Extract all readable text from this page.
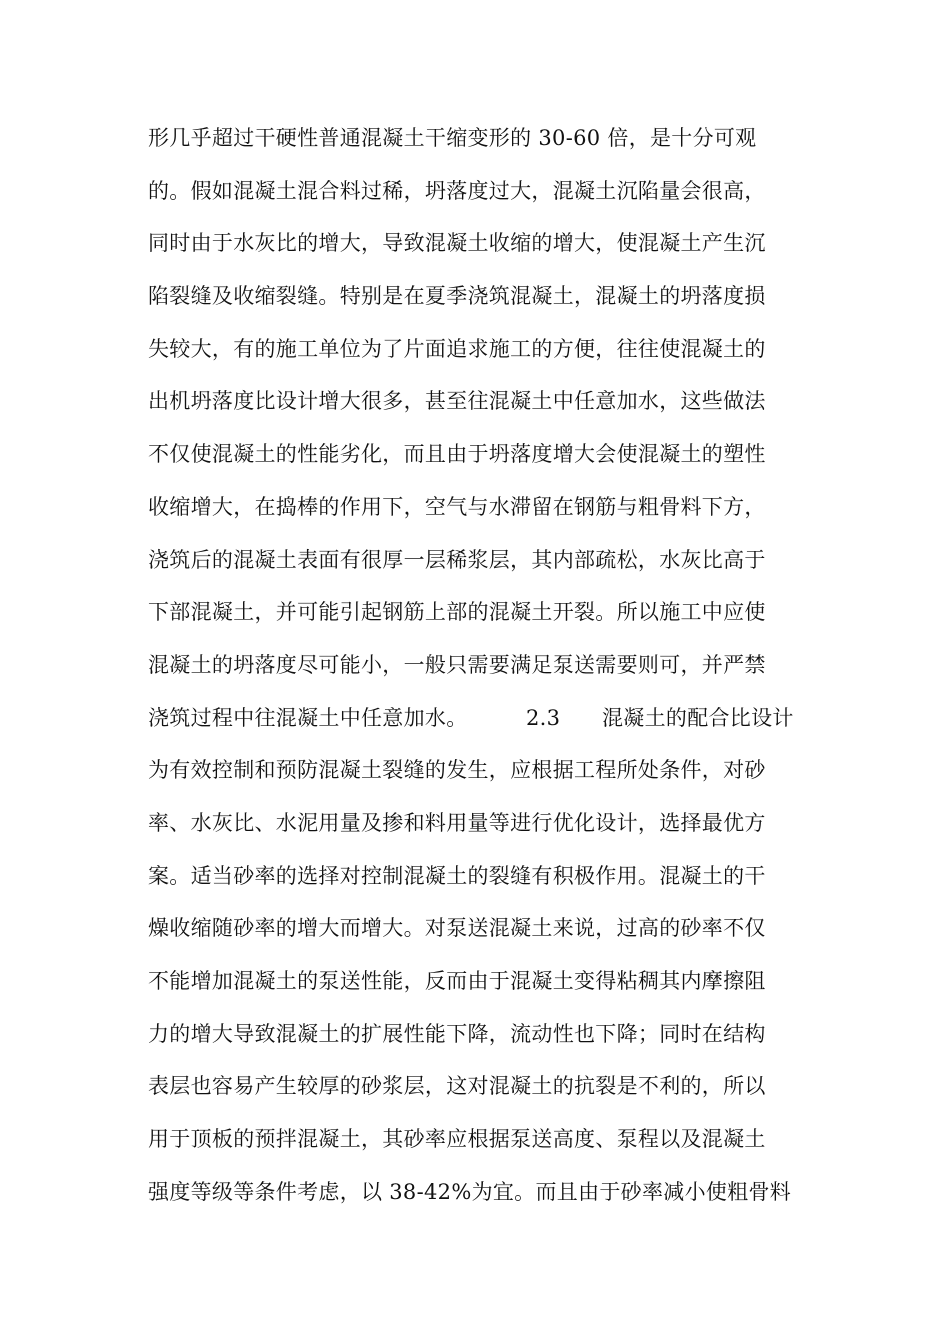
形几乎超过干硬性普通混凝土干缩变形的 30-60 倍，是十分可观
的。假如混凝土混合料过稀，坍落度过大，混凝土沉陷量会很高，
同时由于水灰比的增大，导致混凝土收缩的增大，使混凝土产生沉
陷裂缝及收缩裂缝。特别是在夏季浇筑混凝土，混凝土的坍落度损
失较大，有的施工单位为了片面追求施工的方便，往往使混凝土的
出机坍落度比设计增大很多，甚至往混凝土中任意加水，这些做法
不仅使混凝土的性能劣化，而且由于坍落度增大会使混凝土的塑性
收缩增大，在捣棒的作用下，空气与水滞留在钢筋与粗骨料下方，
浇筑后的混凝土表面有很厚一层稀浆层，其内部疏松，水灰比高于
下部混凝土，并可能引起钢筋上部的混凝土开裂。所以施工中应使
混凝土的坍落度尽可能小，一般只需要满足泵送需要则可，并严禁
浇筑过程中往混凝土中任意加水。	2.3 混凝土的配合比设计
为有效控制和预防混凝土裂缝的发生，应根据工程所处条件，对砂
率、水灰比、水泥用量及掺和料用量等进行优化设计，选择最优方
案。适当砂率的选择对控制混凝土的裂缝有积极作用。混凝土的干
燥收缩随砂率的增大而增大。对泵送混凝土来说，过高的砂率不仅
不能增加混凝土的泵送性能，反而由于混凝土变得粘稠其内摩擦阻
力的增大导致混凝土的扩展性能下降，流动性也下降；同时在结构
表层也容易产生较厚的砂浆层，这对混凝土的抗裂是不利的，所以
用于顶板的预拌混凝土，其砂率应根据泵送高度、泵程以及混凝土
强度等级等条件考虑，以 38-42%为宜。而且由于砂率减小使粗骨料
